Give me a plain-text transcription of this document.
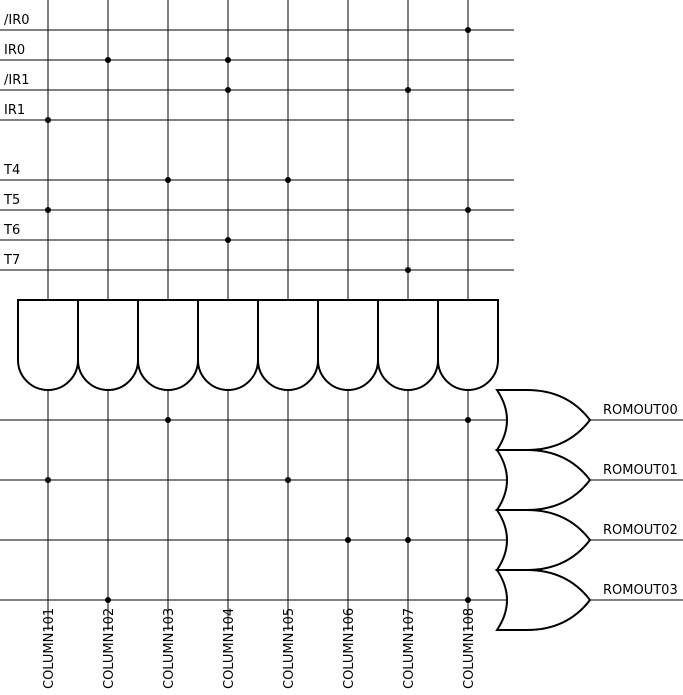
/IR0
IR0
/IR1
IR1
T4
T5
T6
T7
COLUMN101	COLUMN102	COLUMN103	COLUMN104	COLUMN105	COLUMN106	COLUMN107	COLUMN108
ROMOUT00
ROMOUT01
ROMOUT02
ROMOUT03
